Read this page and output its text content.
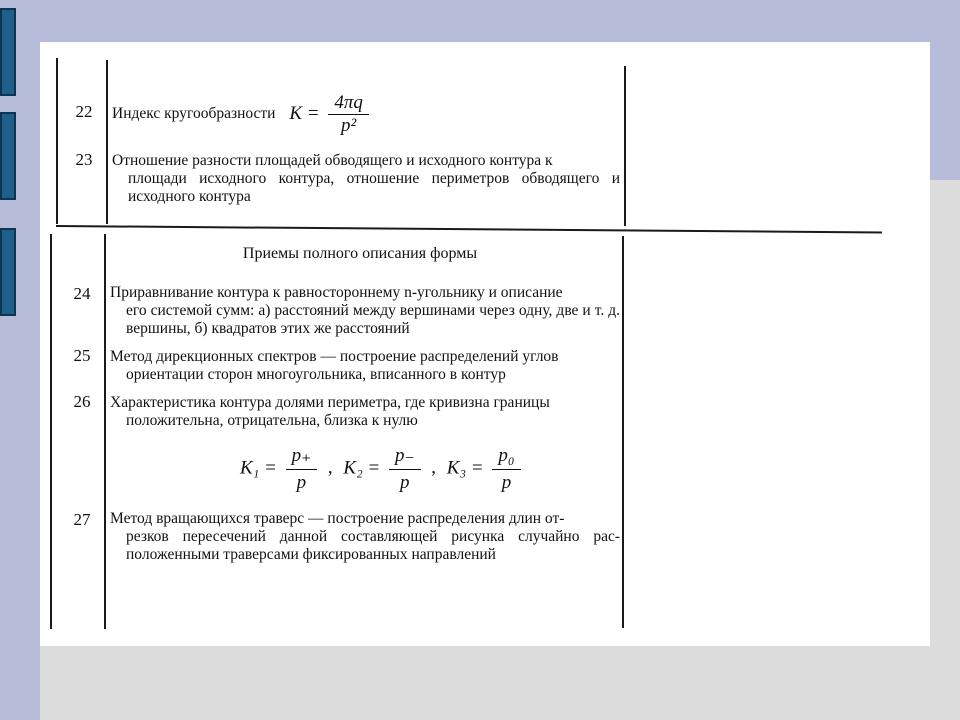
22	Индекс кругообразности $K = \frac{4\pi q}{\text{p²}}$
23	Отношение разности площадей обводящего и исходного контура к
площади исходного контура, отношение периметров обводящего и исходного контура
Приемы полного описания формы
24	Приравнивание контура к равностороннему n-угольнику и описание
его системой сумм: а) расстояний между вершинами через одну, две и т. д. вершины, б) квадратов этих же расстояний
25	Метод дирекционных спектров — построение распределений углов
ориентации сторон многоугольника, вписанного в контур
26	Характеристика контура долями периметра, где кривизна границы
положительна, отрицательна, близка к нулю
$K_1 = \frac{p_+}{p}$ , $K_2 = \frac{p_-}{p}$ , $K_3 = \frac{\text{p₀}}{p}$
27	Метод вращающихся траверс — построение распределения длин от-
резков пересечений данной составляющей рисунка случайно рас-положенными траверсами фиксированных направлений
